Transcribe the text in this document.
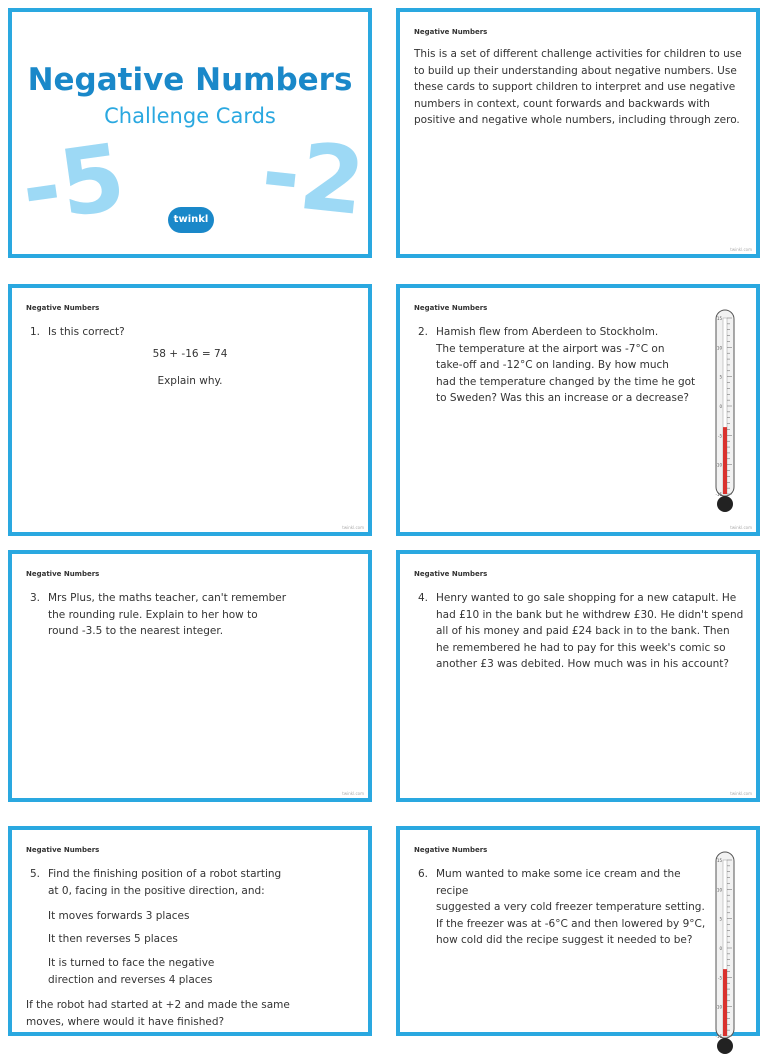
Negative Numbers
Challenge Cards
-5 -2
twinkl
Negative Numbers
This is a set of different challenge activities for children to use
to build up their understanding about negative numbers. Use
these cards to support children to interpret and use negative
numbers in context, count forwards and backwards with
positive and negative whole numbers, including through zero.
twinkl.com
Negative Numbers
1. Is this correct?
58 + -16 = 74
Explain why.
twinkl.com
Negative Numbers
2. Hamish flew from Aberdeen to Stockholm.
The temperature at the airport was -7°C on
take-off and -12°C on landing. By how much
had the temperature changed by the time he got
to Sweden? Was this an increase or a decrease?
15
10
5
0
-5
-10
-15
twinkl.com
Negative Numbers
3. Mrs Plus, the maths teacher, can't remember
the rounding rule. Explain to her how to
round -3.5 to the nearest integer.
twinkl.com
Negative Numbers
4. Henry wanted to go sale shopping for a new catapult. He
had £10 in the bank but he withdrew £30. He didn't spend
all of his money and paid £24 back in to the bank. Then
he remembered he had to pay for this week's comic so
another £3 was debited. How much was in his account?
twinkl.com
Negative Numbers
5. Find the finishing position of a robot starting
at 0, facing in the positive direction, and:
It moves forwards 3 places
It then reverses 5 places
It is turned to face the negative
direction and reverses 4 places
If the robot had started at +2 and made the same
moves, where would it have finished?
Negative Numbers
6. Mum wanted to make some ice cream and the recipe
suggested a very cold freezer temperature setting.
If the freezer was at -6°C and then lowered by 9°C,
how cold did the recipe suggest it needed to be?
15
10
5
0
-5
-10
-15
